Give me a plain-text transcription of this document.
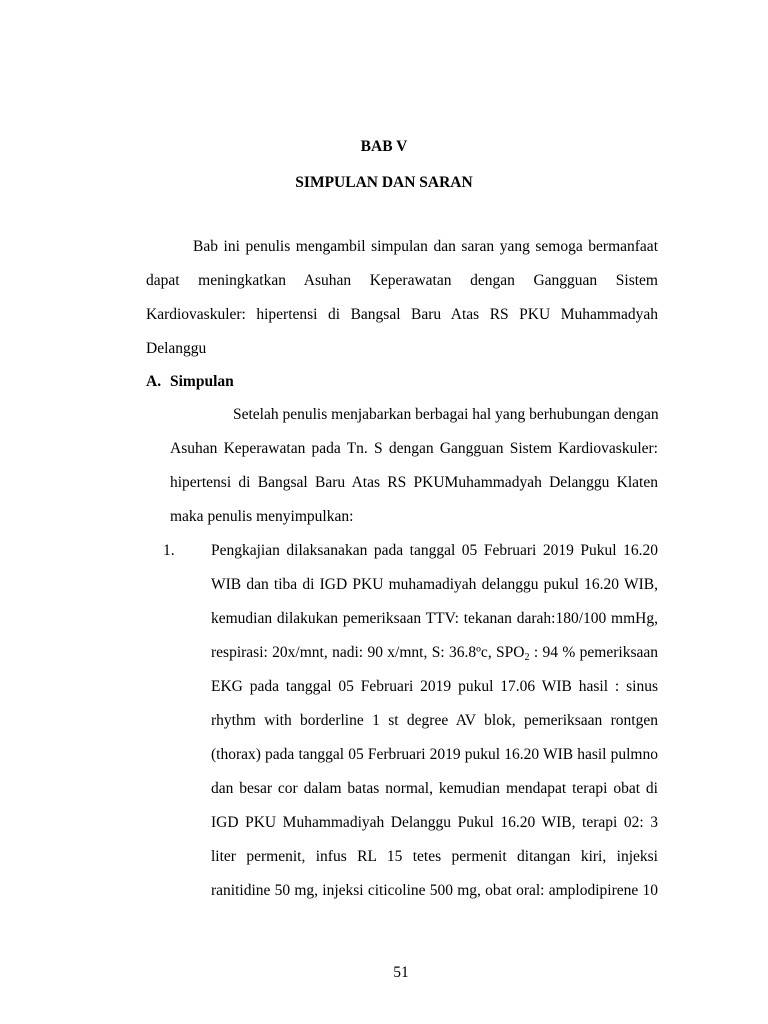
BAB V
SIMPULAN DAN SARAN
Bab ini penulis mengambil simpulan dan saran yang semoga bermanfaat
dapat meningkatkan Asuhan Keperawatan dengan Gangguan Sistem
Kardiovaskuler: hipertensi di Bangsal Baru Atas RS PKU Muhammadyah
Delanggu
A. Simpulan
Setelah penulis menjabarkan berbagai hal yang berhubungan dengan
Asuhan Keperawatan pada Tn. S dengan Gangguan Sistem Kardiovaskuler:
hipertensi di Bangsal Baru Atas RS PKUMuhammadyah Delanggu Klaten
maka penulis menyimpulkan:
1. Pengkajian dilaksanakan pada tanggal 05 Februari 2019 Pukul 16.20
WIB dan tiba di IGD PKU muhamadiyah delanggu pukul 16.20 WIB,
kemudian dilakukan pemeriksaan TTV: tekanan darah:180/100 mmHg,
respirasi: 20x/mnt, nadi: 90 x/mnt, S: 36.8ºc, $SPO_2$ : 94 % pemeriksaan
EKG pada tanggal 05 Februari 2019 pukul 17.06 WIB hasil : sinus
rhythm with borderline 1 st degree AV blok, pemeriksaan rontgen
(thorax) pada tanggal 05 Ferbruari 2019 pukul 16.20 WIB hasil pulmno
dan besar cor dalam batas normal, kemudian mendapat terapi obat di
IGD PKU Muhammadiyah Delanggu Pukul 16.20 WIB, terapi 02: 3
liter permenit, infus RL 15 tetes permenit ditangan kiri, injeksi
ranitidine 50 mg, injeksi citicoline 500 mg, obat oral: amplodipirene 10
51
